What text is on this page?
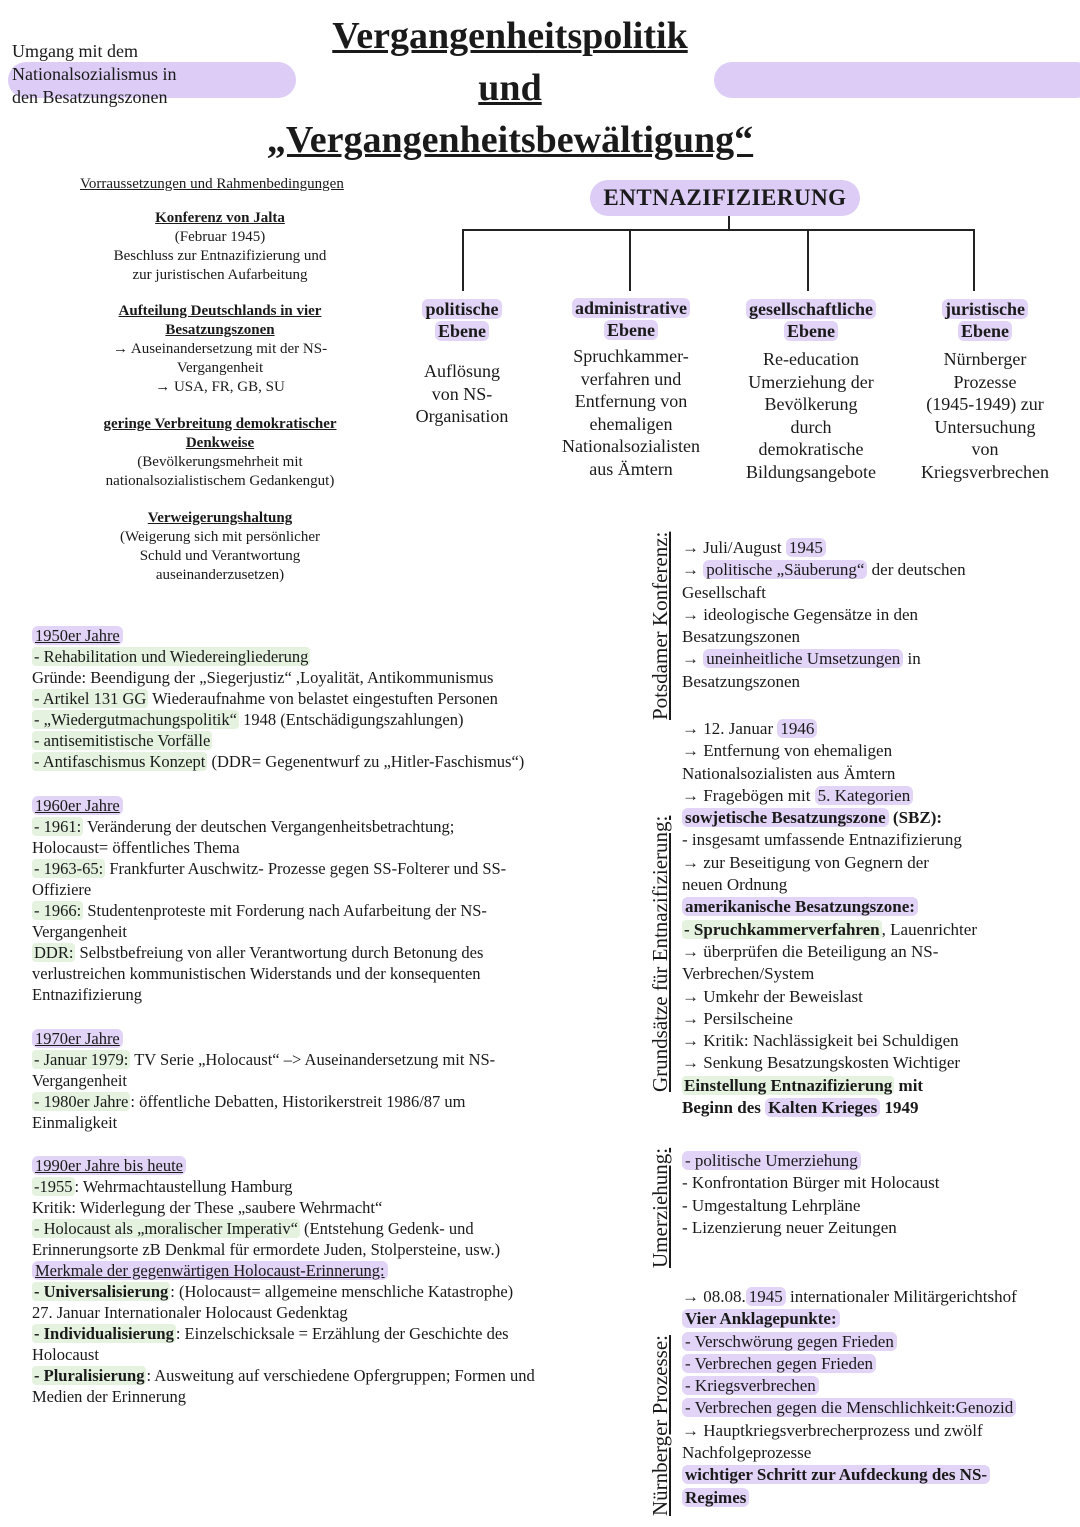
Umgang mit dem
Nationalsozialismus in
den Besatzungszonen
Vergangenheitspolitik
und
„Vergangenheitsbewältigung“
Vorraussetzungen und Rahmenbedingungen
Konferenz von Jalta
(Februar 1945)
Beschluss zur Entnazifizierung und
zur juristischen Aufarbeitung
Aufteilung Deutschlands in vier Besatzungszonen
→ Auseinandersetzung mit der NS-
Vergangenheit
→ USA, FR, GB, SU
geringe Verbreitung demokratischer Denkweise
(Bevölkerungsmehrheit mit
nationalsozialistischem Gedankengut)
Verweigerungshaltung
(Weigerung sich mit persönlicher
Schuld und Verantwortung
auseinanderzusetzen)
ENTNAZIFIZIERUNG
politische
Ebene
Auflösung
von NS-
Organisation
administrative
Ebene
Spruchkammer-
verfahren und
Entfernung von
ehemaligen
Nationalsozialisten
aus Ämtern
gesellschaftliche
Ebene
Re-education
Umerziehung der
Bevölkerung
durch
demokratische
Bildungsangebote
juristische
Ebene
Nürnberger
Prozesse
(1945-1949) zur
Untersuchung
von
Kriegsverbrechen

1950er Jahre

- Rehabilitation und Wiedereingliederung

Gründe: Beendigung der „Siegerjustiz“ ,Loyalität, Antikommunismus

- Artikel 131 GG Wiederaufnahme von belastet eingestuften Personen

- „Wiedergutmachungspolitik“ 1948 (Entschädigungszahlungen)

- antisemitistische Vorfälle

- Antifaschismus Konzept (DDR= Gegenentwurf zu „Hitler-Faschismus“)

1960er Jahre

- 1961: Veränderung der deutschen Vergangenheitsbetrachtung;

Holocaust= öffentliches Thema

- 1963-65: Frankfurter Auschwitz- Prozesse gegen SS-Folterer und SS-

Offiziere

- 1966: Studentenproteste mit Forderung nach Aufarbeitung der NS-

Vergangenheit

DDR: Selbstbefreiung von aller Verantwortung durch Betonung des

verlustreichen kommunistischen Widerstands und der konsequenten

Entnazifizierung

1970er Jahre

- Januar 1979: TV Serie „Holocaust“ –> Auseinandersetzung mit NS-

Vergangenheit

- 1980er Jahre : öffentliche Debatten, Historikerstreit 1986/87 um

Einmaligkeit

1990er Jahre bis heute

-1955 : Wehrmachtaustellung Hamburg

Kritik: Widerlegung der These „saubere Wehrmacht“

- Holocaust als „moralischer Imperativ“ (Entstehung Gedenk- und

Erinnerungsorte zB Denkmal für ermordete Juden, Stolpersteine, usw.)

Merkmale der gegenwärtigen Holocaust-Erinnerung:

- Universalisierung : (Holocaust= allgemeine menschliche Katastrophe)

27. Januar Internationaler Holocaust Gedenktag

- Individualisierung : Einzelschicksale = Erzählung der Geschichte des

Holocaust

- Pluralisierung : Ausweitung auf verschiedene Opfergruppen; Formen und

Medien der Erinnerung

Potsdamer Konferenz:
Grundsätze für Entnazifizierung:
Umerziehung:
Nürnberger Prozesse:

→ Juli/August 1945

→ politische „Säuberung“ der deutschen

Gesellschaft

→ ideologische Gegensätze in den

Besatzungszonen

→ uneinheitliche Umsetzungen in

Besatzungszonen

→ 12. Januar 1946

→ Entfernung von ehemaligen

Nationalsozialisten aus Ämtern

→ Fragebögen mit 5. Kategorien

sowjetische Besatzungszone (SBZ):

- insgesamt umfassende Entnazifizierung

→ zur Beseitigung von Gegnern der

neuen Ordnung

amerikanische Besatzungszone:

- Spruchkammerverfahren , Lauenrichter

→ überprüfen die Beteiligung an NS-

Verbrechen/System

→ Umkehr der Beweislast

→ Persilscheine

→ Kritik: Nachlässigkeit bei Schuldigen

→ Senkung Besatzungskosten Wichtiger

Einstellung Entnazifizierung mit

Beginn des Kalten Krieges 1949

- politische Umerziehung

- Konfrontation Bürger mit Holocaust

- Umgestaltung Lehrpläne

- Lizenzierung neuer Zeitungen

→ 08.08. 1945 internationaler Militärgerichtshof

Vier Anklagepunkte:

- Verschwörung gegen Frieden

- Verbrechen gegen Frieden

- Kriegsverbrechen

- Verbrechen gegen die Menschlichkeit:Genozid

→ Hauptkriegsverbrecherprozess und zwölf

Nachfolgeprozesse

wichtiger Schritt zur Aufdeckung des NS-

Regimes
